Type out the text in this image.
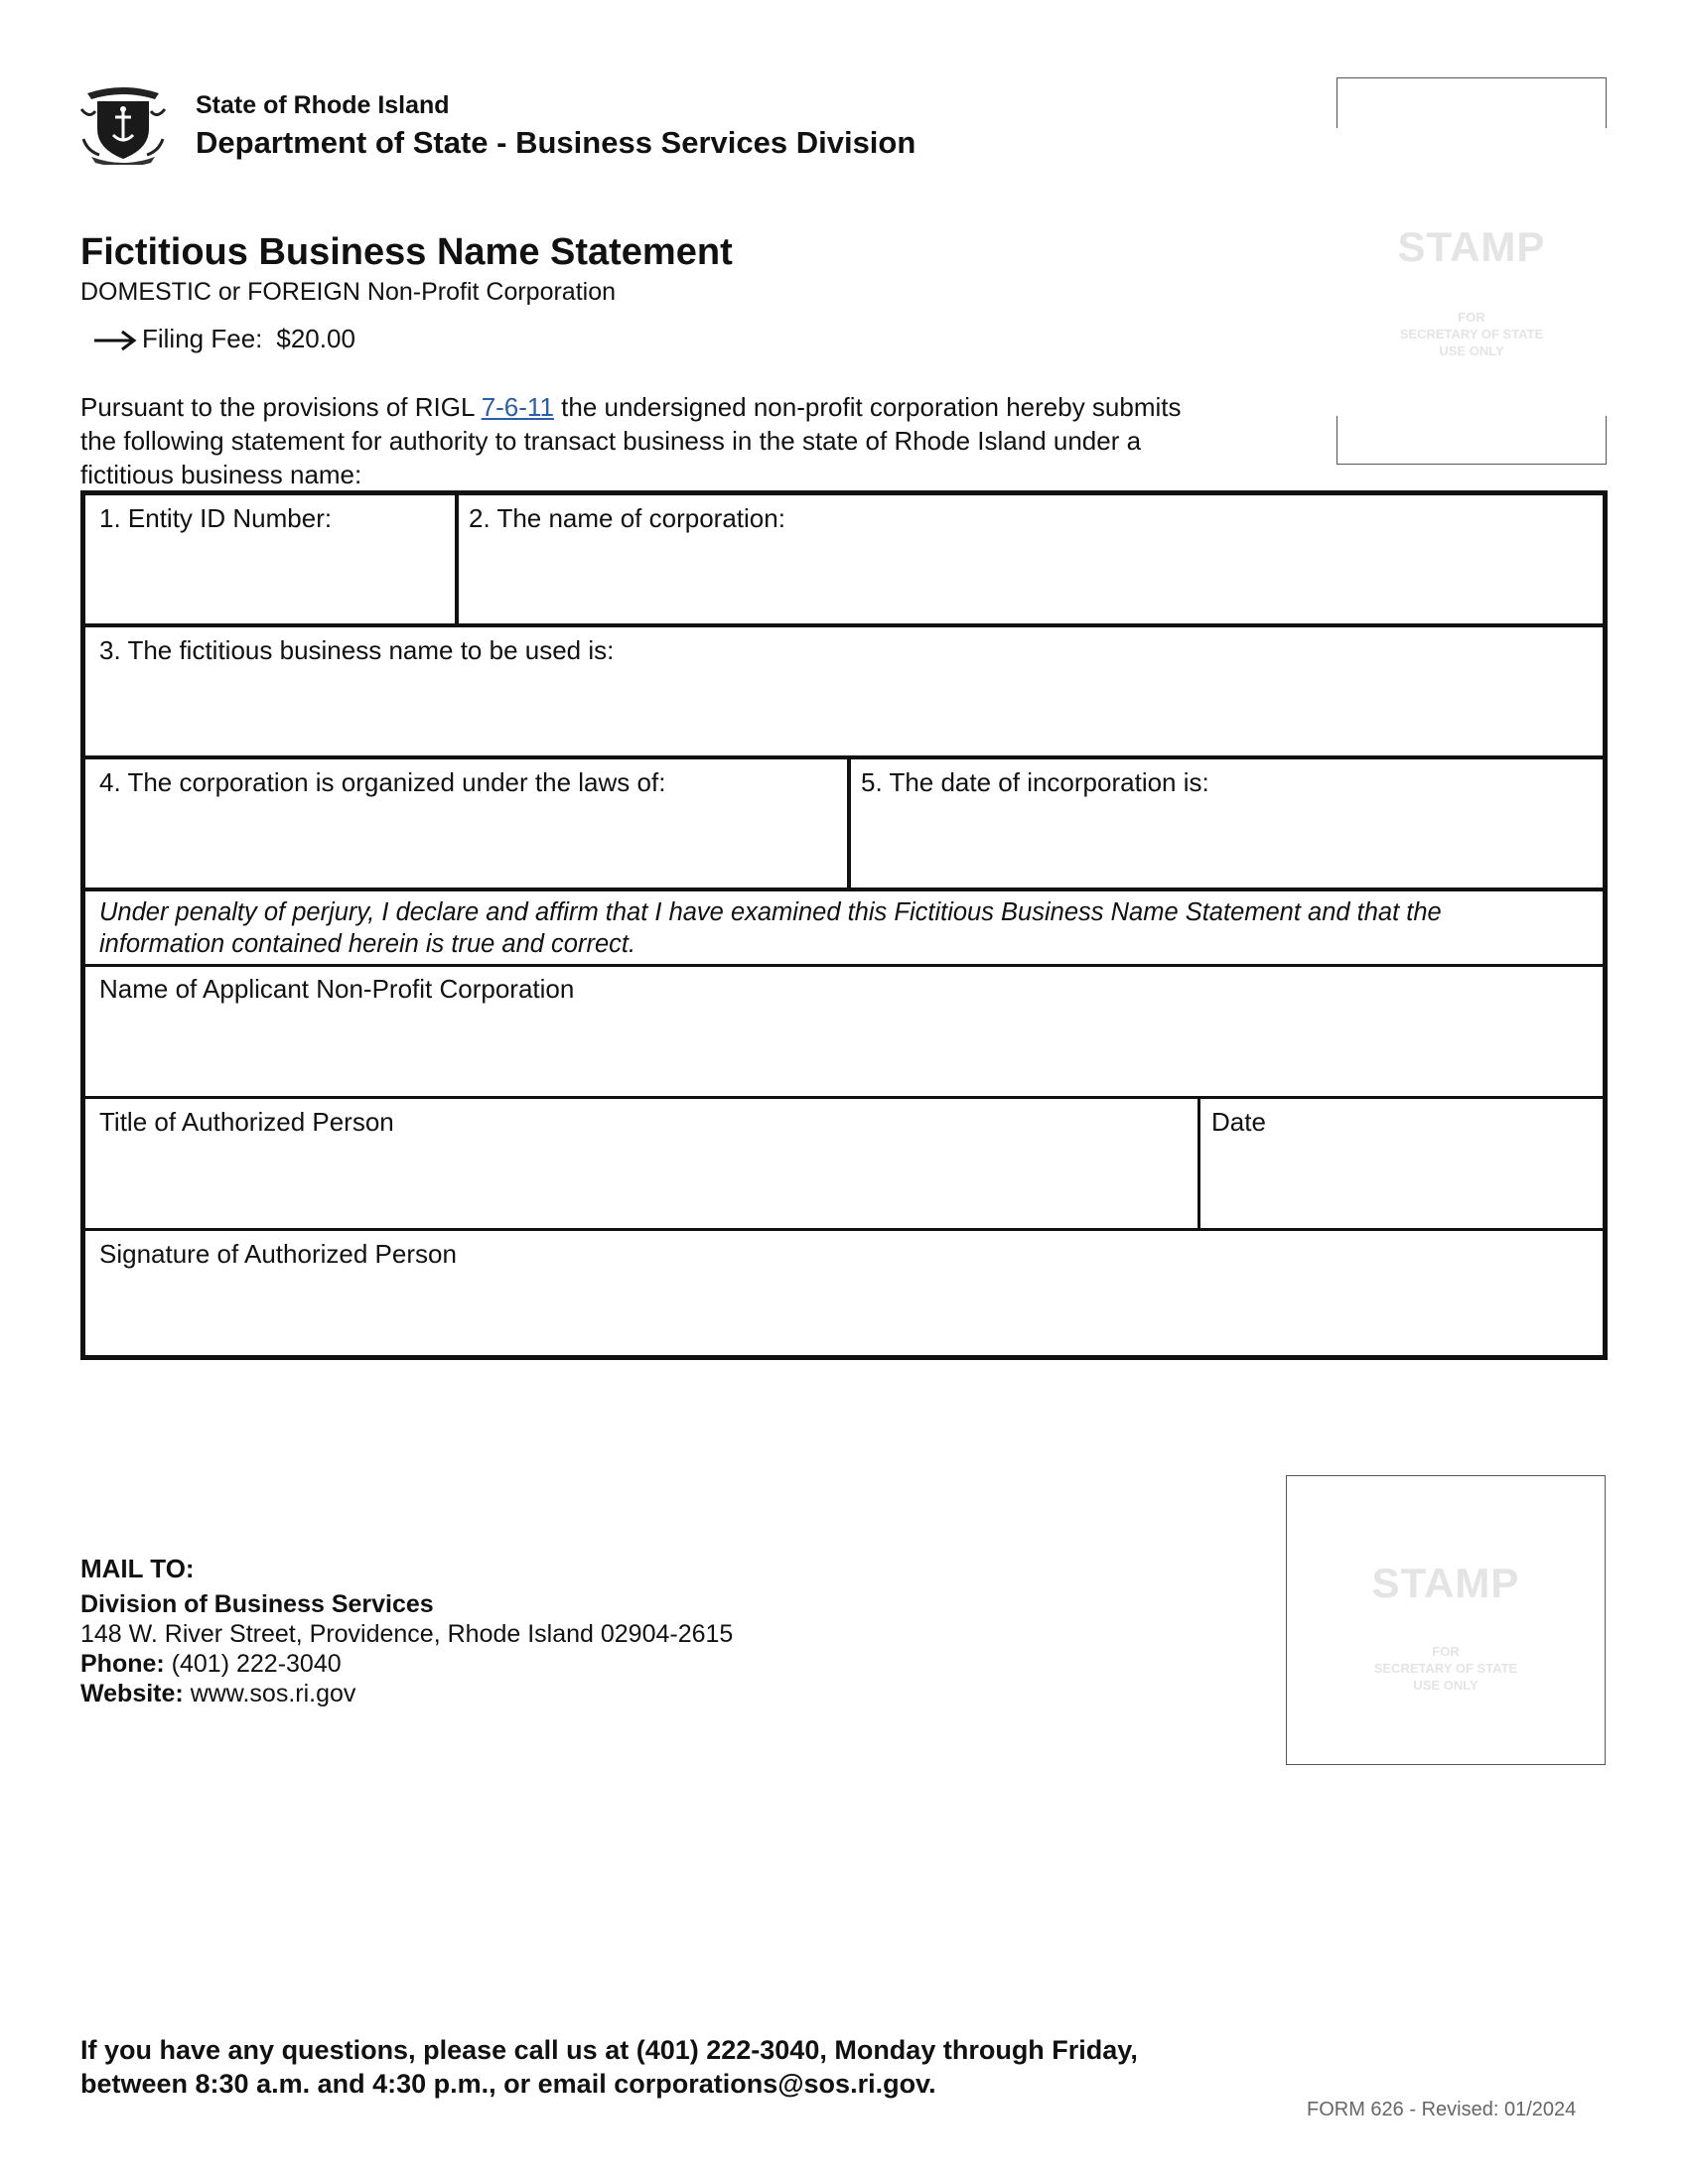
State of Rhode Island
Department of State - Business Services Division
STAMP
FOR
SECRETARY OF STATE
USE ONLY
Fictitious Business Name Statement
DOMESTIC or FOREIGN Non-Profit Corporation
Filing Fee: $20.00
Pursuant to the provisions of RIGL 7-6-11 the undersigned non-profit corporation hereby submits
the following statement for authority to transact business in the state of Rhode Island under a
fictitious business name:
1. Entity ID Number:	2. The name of corporation:
3. The fictitious business name to be used is:
4. The corporation is organized under the laws of:	5. The date of incorporation is:
Under penalty of perjury, I declare and affirm that I have examined this Fictitious Business Name Statement and that the
information contained herein is true and correct.
Name of Applicant Non-Profit Corporation
Title of Authorized Person	Date
Signature of Authorized Person
MAIL TO:
Division of Business Services
148 W. River Street, Providence, Rhode Island 02904-2615
Phone: (401) 222-3040
Website: www.sos.ri.gov
STAMP
FOR
SECRETARY OF STATE
USE ONLY
If you have any questions, please call us at (401) 222-3040, Monday through Friday,
between 8:30 a.m. and 4:30 p.m., or email corporations@sos.ri.gov.
FORM 626 - Revised: 01/2024
